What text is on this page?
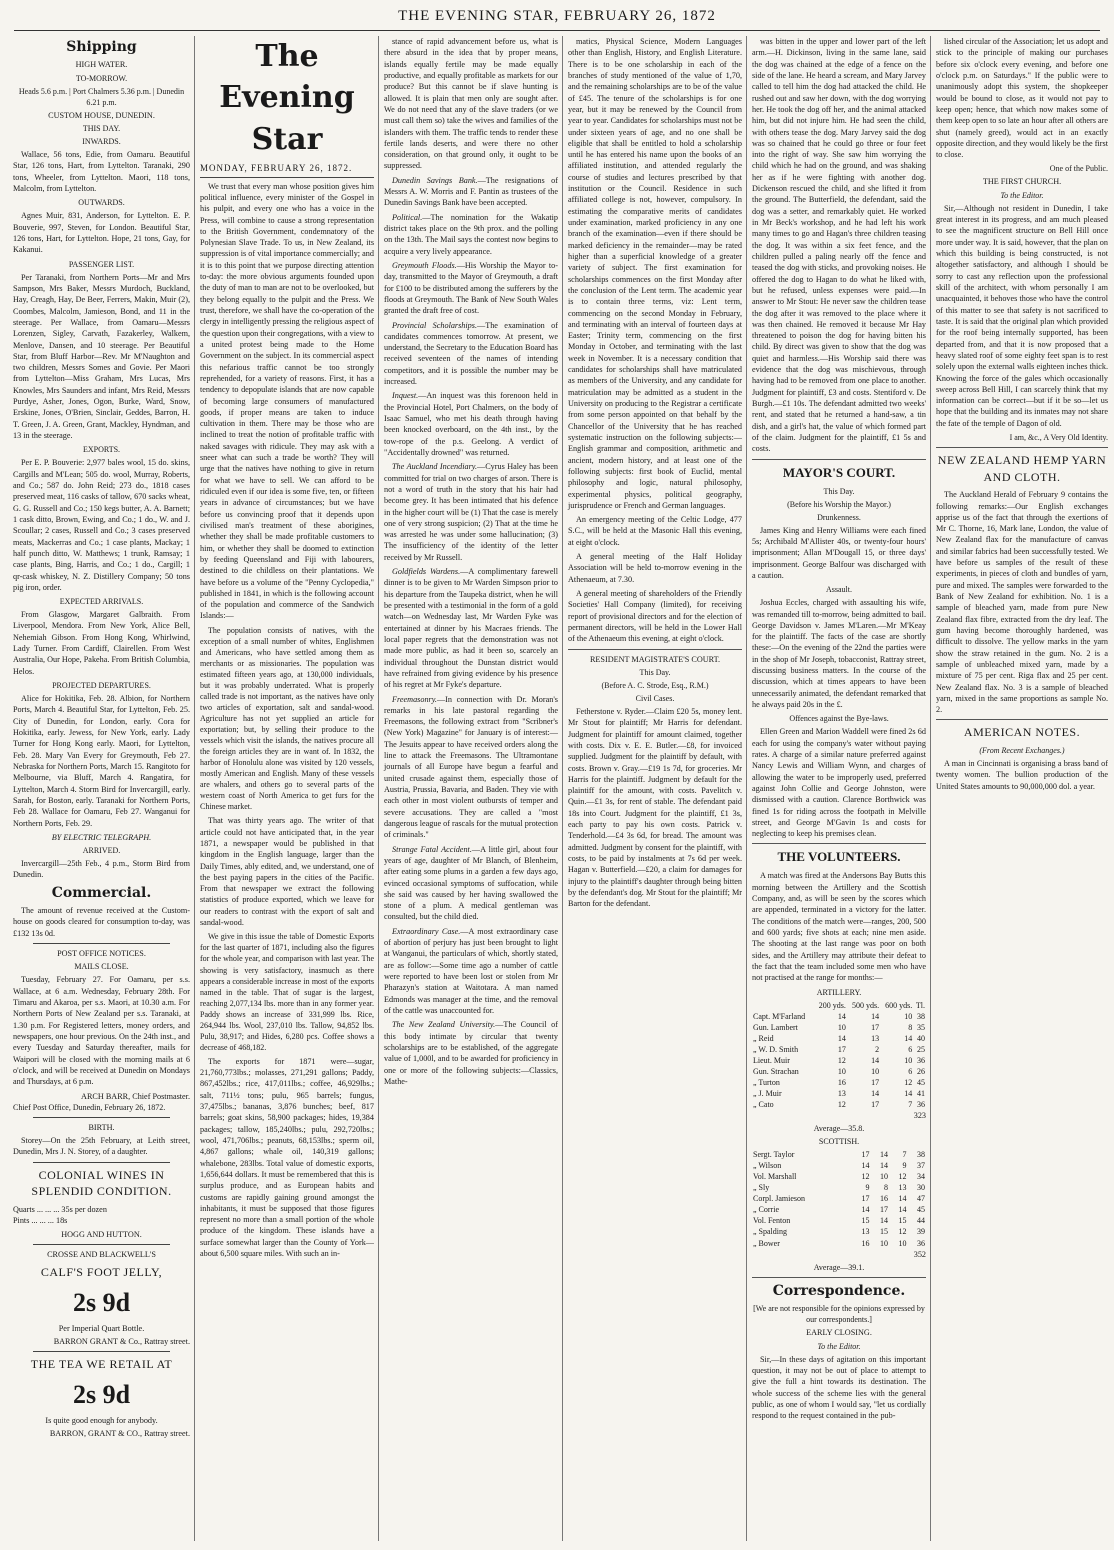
THE EVENING STAR, FEBRUARY 26, 1872
Shipping
HIGH WATER.
TO-MORROW.
Heads 5.6 p.m. | Port Chalmers 5.36 p.m. | Dunedin 6.21 p.m.
CUSTOM HOUSE, DUNEDIN.
THIS DAY.
INWARDS.
Wallace, 56 tons, Edie, from Oamaru. Beautiful Star, 126 tons, Hart, from Lyttelton. Taranaki, 290 tons, Wheeler, from Lyttelton. Maori, 118 tons, Malcolm, from Lyttelton.
OUTWARDS.
Agnes Muir, 831, Anderson, for Lyttelton. E. P. Bouverie, 997, Steven, for London. Beautiful Star, 126 tons, Hart, for Lyttelton. Hope, 21 tons, Gay, for Kakanui.
PASSENGER LIST.
Per Taranaki, from Northern Ports—Mr and Mrs Sampson, Mrs Baker, Messrs Murdoch, Buckland, Hay, Creagh, Hay, De Beer, Ferrers, Makin, Muir (2), Coombes, Malcolm, Jamieson, Bond, and 11 in the steerage. Per Wallace, from Oamaru—Messrs Lorenzen, Sigley, Carvath, Fazakerley, Walkem, Menlove, Dansen, and 10 steerage. Per Beautiful Star, from Bluff Harbor—Rev. Mr M'Naughton and two children, Messrs Somes and Govie. Per Maori from Lyttelton—Miss Graham, Mrs Lucas, Mrs Knowles, Mrs Saunders and infant, Mrs Reid, Messrs Purdye, Asher, Jones, Ogon, Burke, Ward, Snow, Erskine, Jones, O'Brien, Sinclair, Geddes, Barron, H. T. Green, J. A. Green, Grant, Mackley, Hyndman, and 13 in the steerage.
EXPORTS.
Per E. P. Bouverie: 2,977 bales wool, 15 do. skins, Cargills and M'Lean; 505 do. wool, Murray, Roberts, and Co.; 587 do. John Reid; 273 do., 1818 cases preserved meat, 116 casks of tallow, 670 sacks wheat, G. G. Russell and Co.; 150 kegs butter, A. A. Barnett; 1 cask ditto, Brown, Ewing, and Co.; 1 do., W. and J. Scoullar; 2 cases, Russell and Co.; 3 cases preserved meats, Mackerras and Co.; 1 case plants, Mackay; 1 half punch ditto, W. Matthews; 1 trunk, Ramsay; 1 case plants, Bing, Harris, and Co.; 1 do., Cargill; 1 qr-cask whiskey, N. Z. Distillery Company; 50 tons pig iron, order.
EXPECTED ARRIVALS.
From Glasgow, Margaret Galbraith. From Liverpool, Mendora. From New York, Alice Bell, Nehemiah Gibson. From Hong Kong, Whirlwind, Lady Turner. From Cardiff, Clairellen. From West Australia, Our Hope, Pakeha. From British Columbia, Helos.
PROJECTED DEPARTURES.
Alice for Hokitika, Feb. 28. Albion, for Northern Ports, March 4. Beautiful Star, for Lyttelton, Feb. 25. City of Dunedin, for London, early. Cora for Hokitika, early. Jewess, for New York, early. Lady Turner for Hong Kong early. Maori, for Lyttelton, Feb. 28. Mary Van Every for Greymouth, Feb 27. Nebraska for Northern Ports, March 15. Rangitoto for Melbourne, via Bluff, March 4. Rangatira, for Lyttelton, March 4. Storm Bird for Invercargill, early. Sarah, for Boston, early. Taranaki for Northern Ports, Feb 28. Wallace for Oamaru, Feb 27. Wanganui for Northern Ports, Feb. 29.
BY ELECTRIC TELEGRAPH.
ARRIVED.
Invercargill—25th Feb., 4 p.m., Storm Bird from Dunedin.
Commercial.
The amount of revenue received at the Custom-house on goods cleared for consumption to-day, was £132 13s 0d.
POST OFFICE NOTICES.
MAILS CLOSE.
Tuesday, February 27. For Oamaru, per s.s. Wallace, at 6 a.m. Wednesday, February 28th. For Timaru and Akaroa, per s.s. Maori, at 10.30 a.m. For Northern Ports of New Zealand per s.s. Taranaki, at 1.30 p.m. For Registered letters, money orders, and newspapers, one hour previous. On the 24th inst., and every Tuesday and Saturday thereafter, mails for Waipori will be closed with the morning mails at 6 o'clock, and will be received at Dunedin on Mondays and Thursdays, at 6 p.m.
ARCH BARR, Chief Postmaster.
Chief Post Office, Dunedin, February 26, 1872.
BIRTH.
Storey—On the 25th February, at Leith street, Dunedin, Mrs J. N. Storey, of a daughter.
COLONIAL WINES IN SPLENDID CONDITION.
Quarts ... ... ... 35s per dozen
Pints ... ... ... 18s
HOGG AND HUTTON.
CROSSE AND BLACKWELL'S
CALF'S FOOT JELLY,
2s 9d
Per Imperial Quart Bottle.
BARRON GRANT & Co., Rattray street.
THE TEA WE RETAIL AT
2s 9d
Is quite good enough for anybody.
BARRON, GRANT & CO., Rattray street.
The Evening Star
MONDAY, FEBRUARY 26, 1872.
We trust that every man whose position gives him political influence, every minister of the Gospel in his pulpit, and every one who has a voice in the Press, will combine to cause a strong representation to the British Government, condemnatory of the Polynesian Slave Trade. To us, in New Zealand, its suppression is of vital importance commercially; and it is to this point that we purpose directing attention to-day: the more obvious arguments founded upon the duty of man to man are not to be overlooked, but they belong equally to the pulpit and the Press. We trust, therefore, we shall have the co-operation of the clergy in intelligently pressing the religious aspect of the question upon their congregations, with a view to a united protest being made to the Home Government on the subject. In its commercial aspect this nefarious traffic cannot be too strongly reprehended, for a variety of reasons. First, it has a tendency to depopulate islands that are now capable of becoming large consumers of manufactured goods, if proper means are taken to induce cultivation in them. There may be those who are inclined to treat the notion of profitable traffic with naked savages with ridicule. They may ask with a sneer what can such a trade be worth? They will urge that the natives have nothing to give in return for what we have to sell. We can afford to be ridiculed even if our idea is some five, ten, or fifteen years in advance of circumstances; but we have before us convincing proof that it depends upon civilised man's treatment of these aborigines, whether they shall be made profitable customers to him, or whether they shall be doomed to extinction by feeding Queensland and Fiji with labourers, destined to die childless on their plantations. We have before us a volume of the "Penny Cyclopedia," published in 1841, in which is the following account of the population and commerce of the Sandwich Islands:—
The population consists of natives, with the exception of a small number of whites, Englishmen and Americans, who have settled among them as merchants or as missionaries. The population was estimated fifteen years ago, at 130,000 individuals, but it was probably underrated. What is properly called trade is not important, as the natives have only two articles of exportation, salt and sandal-wood. Agriculture has not yet supplied an article for exportation; but, by selling their produce to the vessels which visit the islands, the natives procure all the foreign articles they are in want of. In 1832, the harbor of Honolulu alone was visited by 120 vessels, mostly American and English. Many of these vessels are whalers, and others go to several parts of the western coast of North America to get furs for the Chinese market.
That was thirty years ago. The writer of that article could not have anticipated that, in the year 1871, a newspaper would be published in that kingdom in the English language, larger than the Daily Times, ably edited, and, we understand, one of the best paying papers in the cities of the Pacific. From that newspaper we extract the following statistics of produce exported, which we leave for our readers to contrast with the export of salt and sandal-wood.
We give in this issue the table of Domestic Exports for the last quarter of 1871, including also the figures for the whole year, and comparison with last year. The showing is very satisfactory, inasmuch as there appears a considerable increase in most of the exports named in the table. That of sugar is the largest, reaching 2,077,134 lbs. more than in any former year. Paddy shows an increase of 331,999 lbs. Rice, 264,944 lbs. Wool, 237,010 lbs. Tallow, 94,852 lbs. Pulu, 38,917; and Hides, 6,280 pcs. Coffee shows a decrease of 468,182.
The exports for 1871 were—sugar, 21,760,773lbs.; molasses, 271,291 gallons; Paddy, 867,452lbs.; rice, 417,011lbs.; coffee, 46,929lbs.; salt, 711½ tons; pulu, 965 barrels; fungus, 37,475lbs.; bananas, 3,876 bunches; beef, 817 barrels; goat skins, 58,900 packages; hides, 19,384 packages; tallow, 185,240lbs.; pulu, 292,720lbs.; wool, 471,706lbs.; peanuts, 68,153lbs.; sperm oil, 4,867 gallons; whale oil, 140,319 gallons; whalebone, 283lbs. Total value of domestic exports, 1,656,644 dollars. It must be remembered that this is surplus produce, and as European habits and customs are rapidly gaining ground amongst the inhabitants, it must be supposed that those figures represent no more than a small portion of the whole produce of the kingdom. These islands have a surface somewhat larger than the County of York—about 6,500 square miles. With such an in-
stance of rapid advancement before us, what is there absurd in the idea that by proper means, islands equally fertile may be made equally productive, and equally profitable as markets for our produce? But this cannot be if slave hunting is allowed. It is plain that men only are sought after. We do not need that any of the slave traders (or we must call them so) take the wives and families of the islanders with them. The traffic tends to render these fertile lands deserts, and were there no other consideration, on that ground only, it ought to be suppressed.
Dunedin Savings Bank.—The resignations of Messrs A. W. Morris and F. Pantin as trustees of the Dunedin Savings Bank have been accepted.
Political.—The nomination for the Wakatip district takes place on the 9th prox. and the polling on the 13th. The Mail says the contest now begins to acquire a very lively appearance.
Greymouth Floods.—His Worship the Mayor to-day, transmitted to the Mayor of Greymouth, a draft for £100 to be distributed among the sufferers by the floods at Greymouth. The Bank of New South Wales granted the draft free of cost.
Provincial Scholarships.—The examination of candidates commences tomorrow. At present, we understand, the Secretary to the Education Board has received seventeen of the names of intending competitors, and it is possible the number may be increased.
Inquest.—An inquest was this forenoon held in the Provincial Hotel, Port Chalmers, on the body of Isaac Samuel, who met his death through having been knocked overboard, on the 4th inst., by the tow-rope of the p.s. Geelong. A verdict of "Accidentally drowned" was returned.
The Auckland Incendiary.—Cyrus Haley has been committed for trial on two charges of arson. There is not a word of truth in the story that his hair had become grey. It has been intimated that his defence in the higher court will be (1) That the case is merely one of very strong suspicion; (2) That at the time he was arrested he was under some hallucination; (3) The insufficiency of the identity of the letter received by Mr Russell.
Goldfields Wardens.—A complimentary farewell dinner is to be given to Mr Warden Simpson prior to his departure from the Taupeka district, when he will be presented with a testimonial in the form of a gold watch—on Wednesday last, Mr Warden Fyke was entertained at dinner by his Macraes friends. The local paper regrets that the demonstration was not made more public, as had it been so, scarcely an individual throughout the Dunstan district would have refrained from giving evidence by his presence of his regret at Mr Fyke's departure.
Freemasonry.—In connection with Dr. Moran's remarks in his late pastoral regarding the Freemasons, the following extract from "Scribner's (New York) Magazine" for January is of interest:—The Jesuits appear to have received orders along the line to attack the Freemasons. The Ultramontane journals of all Europe have begun a fearful and united crusade against them, especially those of Austria, Prussia, Bavaria, and Baden. They vie with each other in most violent outbursts of temper and severe accusations. They are called a "most dangerous league of rascals for the mutual protection of criminals."
Strange Fatal Accident.—A little girl, about four years of age, daughter of Mr Blanch, of Blenheim, after eating some plums in a garden a few days ago, evinced occasional symptoms of suffocation, while she said was caused by her having swallowed the stone of a plum. A medical gentleman was consulted, but the child died.
Extraordinary Case.—A most extraordinary case of abortion of perjury has just been brought to light at Wanganui, the particulars of which, shortly stated, are as follow:—Some time ago a number of cattle were reported to have been lost or stolen from Mr Pharazyn's station at Waitotara. A man named Edmonds was manager at the time, and the removal of the cattle was unaccounted for.
The New Zealand University.—The Council of this body intimate by circular that twenty scholarships are to be established, of the aggregate value of 1,000l, and to be awarded for proficiency in one or more of the following subjects:—Classics, Mathe-
matics, Physical Science, Modern Languages other than English, History, and English Literature. There is to be one scholarship in each of the branches of study mentioned of the value of 1,70, and the remaining scholarships are to be of the value of £45. The tenure of the scholarships is for one year, but it may be renewed by the Council from year to year. Candidates for scholarships must not be under sixteen years of age, and no one shall be eligible that shall be entitled to hold a scholarship until he has entered his name upon the books of an affiliated institution, and attended regularly the course of studies and lectures prescribed by that institution or the Council. Residence in such affiliated college is not, however, compulsory. In estimating the comparative merits of candidates under examination, marked proficiency in any one branch of the examination—even if there should be marked deficiency in the remainder—may be rated higher than a superficial knowledge of a greater variety of subject. The first examination for scholarships commences on the first Monday after the conclusion of the Lent term. The academic year is to contain three terms, viz: Lent term, commencing on the second Monday in February, and terminating with an interval of fourteen days at Easter; Trinity term, commencing on the first Monday in October, and terminating with the last week in November. It is a necessary condition that candidates for scholarships shall have matriculated as members of the University, and any candidate for matriculation may be admitted as a student in the University on producing to the Registrar a certificate from some person appointed on that behalf by the Chancellor of the University that he has reached systematic instruction on the following subjects:—English grammar and composition, arithmetic and ancient, modern history, and at least one of the following subjects: first book of Euclid, mental philosophy and logic, natural philosophy, experimental physics, political geography, jurisprudence or French and German languages.
An emergency meeting of the Celtic Lodge, 477 S.C., will be held at the Masonic Hall this evening, at eight o'clock.
A general meeting of the Half Holiday Association will be held to-morrow evening in the Athenaeum, at 7.30.
A general meeting of shareholders of the Friendly Societies' Hall Company (limited), for receiving report of provisional directors and for the election of permanent directors, will be held in the Lower Hall of the Athenaeum this evening, at eight o'clock.
RESIDENT MAGISTRATE'S COURT.
This Day.
(Before A. C. Strode, Esq., R.M.)
Civil Cases.
Fetherstone v. Ryder.—Claim £20 5s, money lent. Mr Stout for plaintiff; Mr Harris for defendant. Judgment for plaintiff for amount claimed, together with costs. Dix v. E. E. Butler.—£8, for invoiced supplied. Judgment for the plaintiff by default, with costs. Brown v. Gray.—£19 1s 7d, for groceries. Mr Harris for the plaintiff. Judgment by default for the plaintiff for the amount, with costs. Pavelitch v. Quin.—£1 3s, for rent of stable. The defendant paid 18s into Court. Judgment for the plaintiff, £1 3s, each party to pay his own costs. Patrick v. Tenderhold.—£4 3s 6d, for bread. The amount was admitted. Judgment by consent for the plaintiff, with costs, to be paid by instalments at 7s 6d per week. Hagan v. Butterfield.—£20, a claim for damages for injury to the plaintiff's daughter through being bitten by the defendant's dog. Mr Stout for the plaintiff; Mr Barton for the defendant.
was bitten in the upper and lower part of the left arm.—H. Dickinson, living in the same lane, said the dog was chained at the edge of a fence on the side of the lane. He heard a scream, and Mary Jarvey called to tell him the dog had attacked the child. He rushed out and saw her down, with the dog worrying her. He took the dog off her, and the animal attacked him, but did not injure him. He had seen the child, with others tease the dog. Mary Jarvey said the dog was so chained that he could go three or four feet into the right of way. She saw him worrying the child which he had on the ground, and was shaking her as if he were fighting with another dog. Dickenson rescued the child, and she lifted it from the ground. The Butterfield, the defendant, said the dog was a setter, and remarkably quiet. He worked in Mr Beck's workshop, and he had left his work many times to go and Hagan's three children teasing the dog. It was within a six feet fence, and the children pulled a paling nearly off the fence and teased the dog with sticks, and provoking noises. He offered the dog to Hagan to do what he liked with, but he refused, unless expenses were paid.—In answer to Mr Stout: He never saw the children tease the dog after it was removed to the place where it was then chained. He removed it because Mr Hay threatened to poison the dog for having bitten his child. By direct was given to show that the dog was quiet and harmless.—His Worship said there was evidence that the dog was mischievous, through having had to be removed from one place to another. Judgment for plaintiff, £3 and costs. Stentiford v. De Burgh.—£1 10s. The defendant admitted two weeks' rent, and stated that he returned a hand-saw, a tin dish, and a girl's hat, the value of which formed part of the claim. Judgment for the plaintiff, £1 5s and costs.
MAYOR'S COURT.
This Day.
(Before his Worship the Mayor.)
Drunkenness.
James King and Henry Williams were each fined 5s; Archibald M'Allister 40s, or twenty-four hours' imprisonment; Allan M'Dougall 15, or three days' imprisonment. George Balfour was discharged with a caution.
Assault.
Joshua Eccles, charged with assaulting his wife, was remanded till to-morrow, being admitted to bail. George Davidson v. James M'Laren.—Mr M'Keay for the plaintiff. The facts of the case are shortly these:—On the evening of the 22nd the parties were in the shop of Mr Joseph, tobacconist, Rattray street, discussing business matters. In the course of the discussion, which at times appears to have been unnecessarily animated, the defendant remarked that he always paid 20s in the £.
Offences against the Bye-laws.
Ellen Green and Marion Waddell were fined 2s 6d each for using the company's water without paying rates. A charge of a similar nature preferred against Nancy Lewis and William Wynn, and charges of allowing the water to be improperly used, preferred against John Collie and George Johnston, were dismissed with a caution. Clarence Borthwick was fined 1s for riding across the footpath in Melville street, and George M'Gavin 1s and costs for neglecting to keep his premises clean.
THE VOLUNTEERS.
A match was fired at the Andersons Bay Butts this morning between the Artillery and the Scottish Company, and, as will be seen by the scores which are appended, terminated in a victory for the latter. The conditions of the match were—ranges, 200, 500 and 600 yards; five shots at each; nine men aside. The shooting at the last range was poor on both sides, and the Artillery may attribute their defeat to the fact that the team included some men who have not practised at the range for months:—
ARTILLERY.
	200 yds.	500 yds.	600 yds.	Tl.
Capt. M'Farland	14	14	10	38
Gun. Lambert	10	17	8	35
„ Reid	14	13	14	40
„ W. D. Smith	17	2	6	25
Lieut. Muir	12	14	10	36
Gun. Strachan	10	10	6	26
„ Turton	16	17	12	45
„ J. Muir	13	14	14	41
„ Cato	12	17	7	36
323
Average—35.8.
SCOTTISH.
Sergt. Taylor	17	14	7	38
„ Wilson	14	14	9	37
Vol. Marshall	12	10	12	34
„ Sly	9	8	13	30
Corpl. Jamieson	17	16	14	47
„ Corrie	14	17	14	45
Vol. Fenton	15	14	15	44
„ Spalding	13	15	12	39
„ Bower	16	10	10	36
352
Average—39.1.
Correspondence.
[We are not responsible for the opinions expressed by our correspondents.]
EARLY CLOSING.
To the Editor.
Sir,—In these days of agitation on this important question, it may not be out of place to attempt to give the full a hint towards its destination. The whole success of the scheme lies with the general public, as one of whom I would say, "let us cordially respond to the request contained in the pub-
lished circular of the Association; let us adopt and stick to the principle of making our purchases before six o'clock every evening, and before one o'clock p.m. on Saturdays." If the public were to unanimously adopt this system, the shopkeeper would be bound to close, as it would not pay to keep open; hence, that which now makes some of them keep open to so late an hour after all others are shut (namely greed), would act in an exactly opposite direction, and they would likely be the first to close.
One of the Public.
THE FIRST CHURCH.
To the Editor.
Sir,—Although not resident in Dunedin, I take great interest in its progress, and am much pleased to see the magnificent structure on Bell Hill once more under way. It is said, however, that the plan on which this building is being constructed, is not altogether satisfactory, and although I should be sorry to cast any reflection upon the professional skill of the architect, with whom personally I am unacquainted, it behoves those who have the control of this matter to see that safety is not sacrificed to taste. It is said that the original plan which provided for the roof being internally supported, has been departed from, and that it is now proposed that a heavy slated roof of some eighty feet span is to rest solely upon the external walls eighteen inches thick. Knowing the force of the gales which occasionally sweep across Bell Hill, I can scarcely think that my information can be correct—but if it be so—let us hope that the building and its inmates may not share the fate of the temple of Dagon of old.
I am, &c., A Very Old Identity.
NEW ZEALAND HEMP YARN AND CLOTH.
The Auckland Herald of February 9 contains the following remarks:—Our English exchanges apprise us of the fact that through the exertions of Mr C. Thorne, 16, Mark lane, London, the value of New Zealand flax for the manufacture of canvas and similar fabrics had been successfully tested. We have before us samples of the result of these experiments, in pieces of cloth and bundles of yarn, pure and mixed. The samples were forwarded to the Bank of New Zealand for exhibition. No. 1 is a sample of bleached yarn, made from pure New Zealand flax fibre, extracted from the dry leaf. The gum having become thoroughly hardened, was difficult to dissolve. The yellow marks in the yarn show the straw retained in the gum. No. 2 is a sample of unbleached mixed yarn, made by a mixture of 75 per cent. Riga flax and 25 per cent. New Zealand flax. No. 3 is a sample of bleached yarn, mixed in the same proportions as sample No. 2.
AMERICAN NOTES.
(From Recent Exchanges.)
A man in Cincinnati is organising a brass band of twenty women. The bullion production of the United States amounts to 90,000,000 dol. a year.
